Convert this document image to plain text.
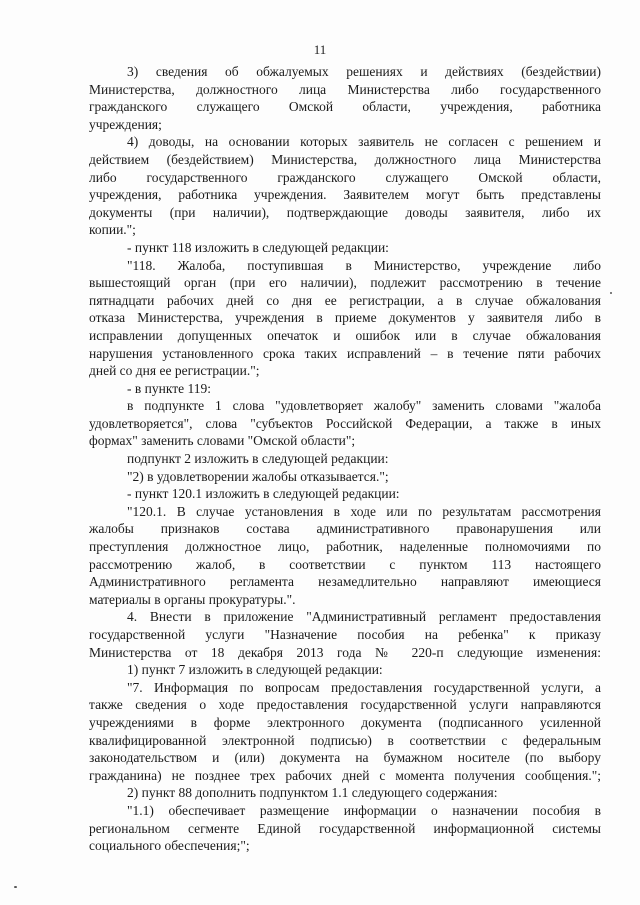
11
3) сведения об обжалуемых решениях и действиях (бездействии)
Министерства, должностного лица Министерства либо государственного
гражданского служащего Омской области, учреждения, работника
учреждения;
4) доводы, на основании которых заявитель не согласен с решением и
действием (бездействием) Министерства, должностного лица Министерства
либо государственного гражданского служащего Омской области,
учреждения, работника учреждения. Заявителем могут быть представлены
документы (при наличии), подтверждающие доводы заявителя, либо их
копии.";
- пункт 118 изложить в следующей редакции:
"118. Жалоба, поступившая в Министерство, учреждение либо
вышестоящий орган (при его наличии), подлежит рассмотрению в течение
пятнадцати рабочих дней со дня ее регистрации, а в случае обжалования
отказа Министерства, учреждения в приеме документов у заявителя либо в
исправлении допущенных опечаток и ошибок или в случае обжалования
нарушения установленного срока таких исправлений – в течение пяти рабочих
дней со дня ее регистрации.";
- в пункте 119:
в подпункте 1 слова "удовлетворяет жалобу" заменить словами "жалоба
удовлетворяется", слова "субъектов Российской Федерации, а также в иных
формах" заменить словами "Омской области";
подпункт 2 изложить в следующей редакции:
"2) в удовлетворении жалобы отказывается.";
- пункт 120.1 изложить в следующей редакции:
"120.1. В случае установления в ходе или по результатам рассмотрения
жалобы признаков состава административного правонарушения или
преступления должностное лицо, работник, наделенные полномочиями по
рассмотрению жалоб, в соответствии с пунктом 113 настоящего
Административного регламента незамедлительно направляют имеющиеся
материалы в органы прокуратуры.".
4. Внести в приложение "Административный регламент предоставления
государственной услуги "Назначение пособия на ребенка" к приказу
Министерства от 18 декабря 2013 года № 220-п следующие изменения:
1) пункт 7 изложить в следующей редакции:
"7. Информация по вопросам предоставления государственной услуги, а
также сведения о ходе предоставления государственной услуги направляются
учреждениями в форме электронного документа (подписанного усиленной
квалифицированной электронной подписью) в соответствии с федеральным
законодательством и (или) документа на бумажном носителе (по выбору
гражданина) не позднее трех рабочих дней с момента получения сообщения.";
2) пункт 88 дополнить подпунктом 1.1 следующего содержания:
"1.1) обеспечивает размещение информации о назначении пособия в
региональном сегменте Единой государственной информационной системы
социального обеспечения;";
